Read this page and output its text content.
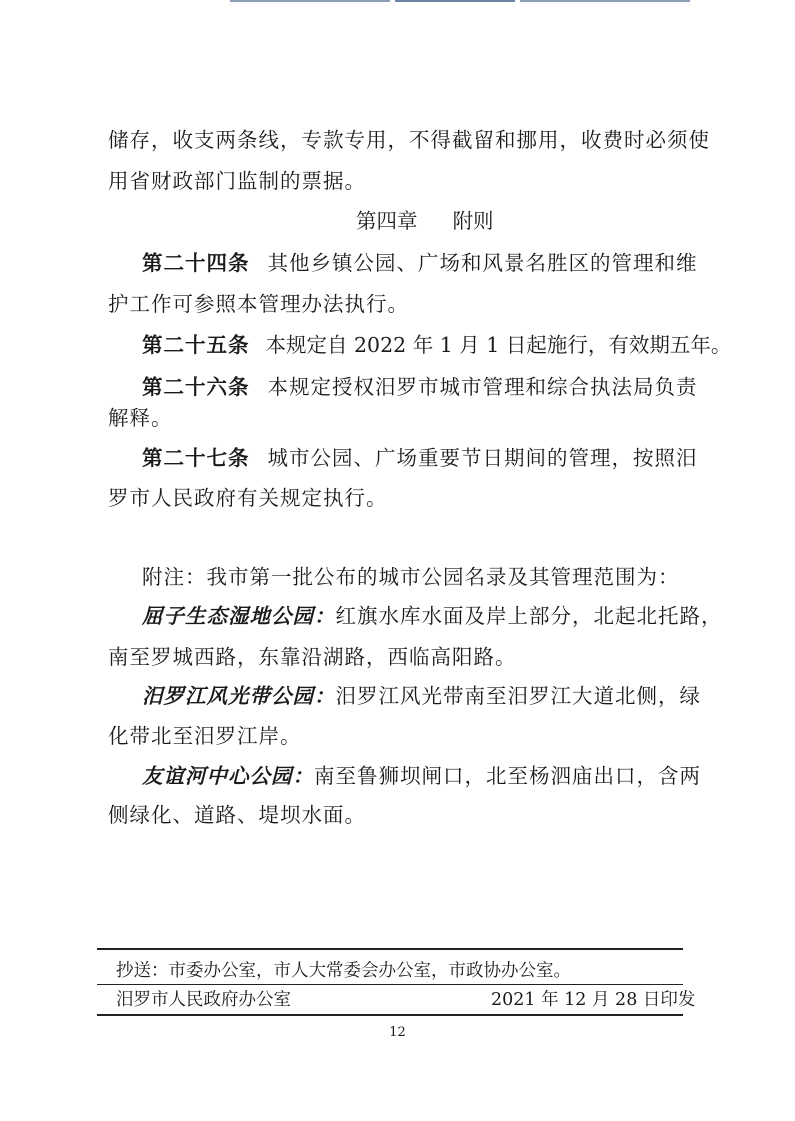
储存，收支两条线，专款专用，不得截留和挪用，收费时必须使
用省财政部门监制的票据。
第四章 附则
第二十四条 其他乡镇公园、广场和风景名胜区的管理和维
护工作可参照本管理办法执行。
第二十五条 本规定自 2022 年 1 月 1 日起施行，有效期五年。
第二十六条 本规定授权汨罗市城市管理和综合执法局负责
解释。
第二十七条 城市公园、广场重要节日期间的管理，按照汨
罗市人民政府有关规定执行。
附注：我市第一批公布的城市公园名录及其管理范围为：
屈子生态湿地公园：红旗水库水面及岸上部分，北起北托路，
南至罗城西路，东靠沿湖路，西临高阳路。
汨罗江风光带公园：汨罗江风光带南至汨罗江大道北侧，绿
化带北至汨罗江岸。
友谊河中心公园：南至鲁狮坝闸口，北至杨泗庙出口，含两
侧绿化、道路、堤坝水面。
抄送：市委办公室，市人大常委会办公室，市政协办公室。
汨罗市人民政府办公室	2021 年 12 月 28 日印发
12
